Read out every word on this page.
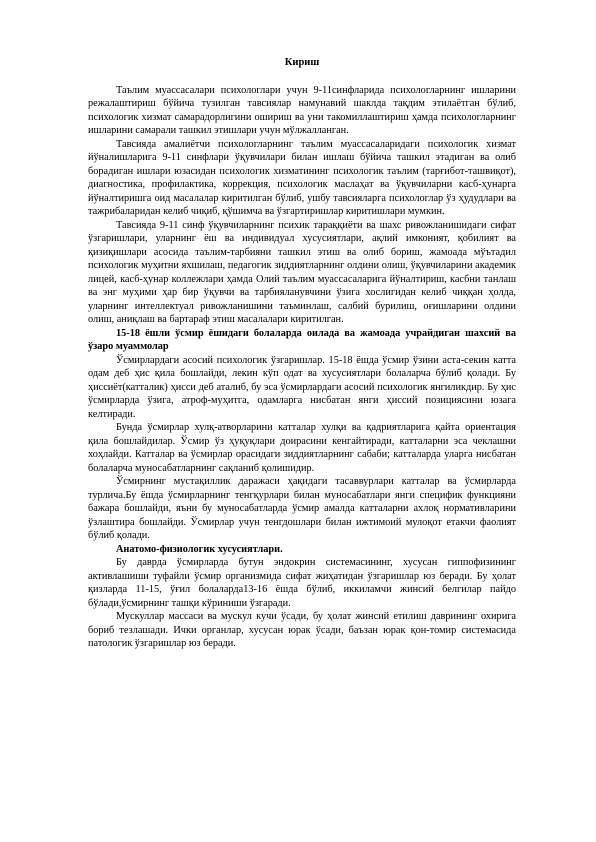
Кириш

Таълим муассасалари психологлари учун 9-11синфларида психологларнинг ишларини режалаштириш бўйича тузилган тавсиялар намунавий шаклда тақдим этилаётган бўлиб, психологик хизмат самарадорлигини ошириш ва уни такомиллаштириш ҳамда психологларнинг ишларини самарали ташкил этишлари учун мўлжалланган.

Тавсияда амалиётчи психологларнинг таълим муассасаларидаги психологик хизмат йўналишларига 9-11 синфлари ўқувчилари билан ишлаш бўйича ташкил этадиган ва олиб борадиган ишлари юзасидан психологик хизматининг психологик таълим (тарғибот-ташвиқот), диагностика, профилактика, коррекция, психологик маслаҳат ва ўқувчиларни касб-ҳунарга йўналтиришга оид масалалар киритилган бўлиб, ушбу тавсияларга психологлар ўз ҳудудлари ва тажрибаларидан келиб чиқиб, қўшимча ва ўзгартиришлар киритишлари мумкин.

Тавсияда 9-11 синф ўқувчиларнинг психик тараққиёти ва шахс ривожланишидаги сифат ўзгаришлари, уларнинг ёш ва индивидуал хусусиятлари, ақлий имконият, қобилият ва қизиқишлари асосида таълим-тарбияни ташкил этиш ва олиб бориш, жамоада мўътадил психологик муҳитни яхшилаш, педагогик зиддиятларнинг олдини олиш, ўқувчиларини академик лицей, касб-ҳунар коллежлари ҳамда Олий таълим муассасаларига йўналтириш, касбни танлаш ва энг муҳими ҳар бир ўқувчи ва тарбияланувчини ўзига хослигидан келиб чиққан ҳолда, уларнинг интеллектуал ривожланишини таъминлаш, салбий бурилиш, оғишларини олдини олиш, аниқлаш ва бартараф этиш масалалари киритилган.

15-18 ёшли ўсмир ёшидаги болаларда оилада ва жамоада учрайдиган шахсий ва ўзаро муаммолар

Ўсмирлардаги асосий психологик ўзгаришлар. 15-18 ёшда ўсмир ўзини аста-секин катта одам деб ҳис қила бошлайди, лекин кўп одат ва хусусиятлари болаларча бўлиб қолади. Бу ҳиссиёт(катталик) ҳисси деб аталиб, бу эса ўсмирлардаги асосий психологик янгиликдир. Бу ҳис ўсмирларда ўзига, атроф-муҳитга, одамларга нисбатан янги ҳиссий позициясини юзага келтиради.

Бунда ўсмирлар хулқ-атворларини катталар хулқи ва қадриятларига қайта ориентация қила бошлайдилар. Ўсмир ўз ҳуқуқлари доирасини кенгайтиради, катталарни эса чеклашни хоҳлайди. Катталар ва ўсмирлар орасидаги зиддиятларнинг сабаби; катталарда уларга нисбатан болаларча муносабатларнинг сақланиб қолишидир.

Ўсмирнинг мустақиллик даражаси ҳақидаги тасаввурлари катталар ва ўсмирларда турлича.Бу ёшда ўсмирларнинг тенгқурлари билан муносабатлари янги специфик функцияни бажара бошлайди, яъни бу муносабатларда ўсмир амалда катталарни ахлоқ нормативларини ўзлаштира бошлайди. Ўсмирлар учун тенгдошлари билан ижтимоий мулоқот етакчи фаолият бўлиб қолади.

Анатомо-физиологик хусусиятлари.

Бу даврда ўсмирларда бутун эндокрин системасининг, хусусан гиппофизининг активлашиши туфайли ўсмир организмида сифат жиҳатидан ўзгаришлар юз беради. Бу ҳолат қизларда 11-15, ўғил болаларда13-16 ёшда бўлиб, иккиламчи жинсий белгилар пайдо бўлади,ўсмирнинг ташқи кўриниши ўзгаради.

Мускуллар массаси ва мускул кучи ўсади, бу ҳолат жинсий етилиш даврининг охирига бориб тезлашади. Ички органлар, хусусан юрак ўсади, баъзан юрак қон-томир системасида патологик ўзгаришлар юз беради.
